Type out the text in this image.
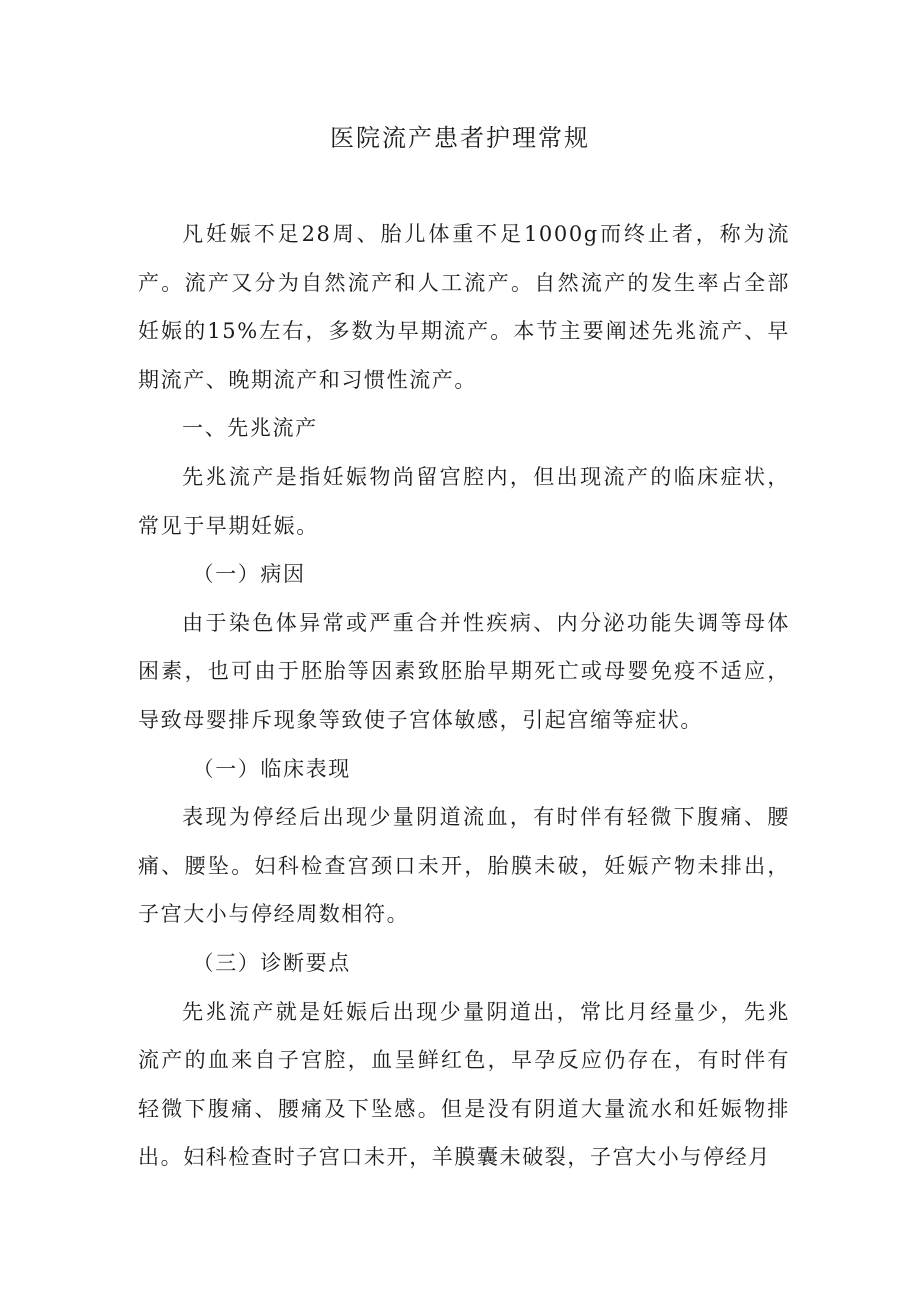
医院流产患者护理常规

凡妊娠不足28周、胎儿体重不足1000g而终止者，称为流产。流产又分为自然流产和人工流产。自然流产的发生率占全部妊娠的15%左右，多数为早期流产。本节主要阐述先兆流产、早期流产、晚期流产和习惯性流产。

一、先兆流产

先兆流产是指妊娠物尚留宫腔内，但出现流产的临床症状，常见于早期妊娠。

（一）病因

由于染色体异常或严重合并性疾病、内分泌功能失调等母体困素，也可由于胚胎等因素致胚胎早期死亡或母婴免疫不适应，导致母婴排斥现象等致使子宫体敏感，引起宫缩等症状。

（一）临床表现

表现为停经后出现少量阴道流血，有时伴有轻微下腹痛、腰痛、腰坠。妇科检查宫颈口未开，胎膜未破，妊娠产物未排出，子宫大小与停经周数相符。

（三）诊断要点

先兆流产就是妊娠后出现少量阴道出，常比月经量少，先兆流产的血来自子宫腔，血呈鲜红色，早孕反应仍存在，有时伴有轻微下腹痛、腰痛及下坠感。但是没有阴道大量流水和妊娠物排出。妇科检查时子宫口未开，羊膜囊未破裂，子宫大小与停经月
